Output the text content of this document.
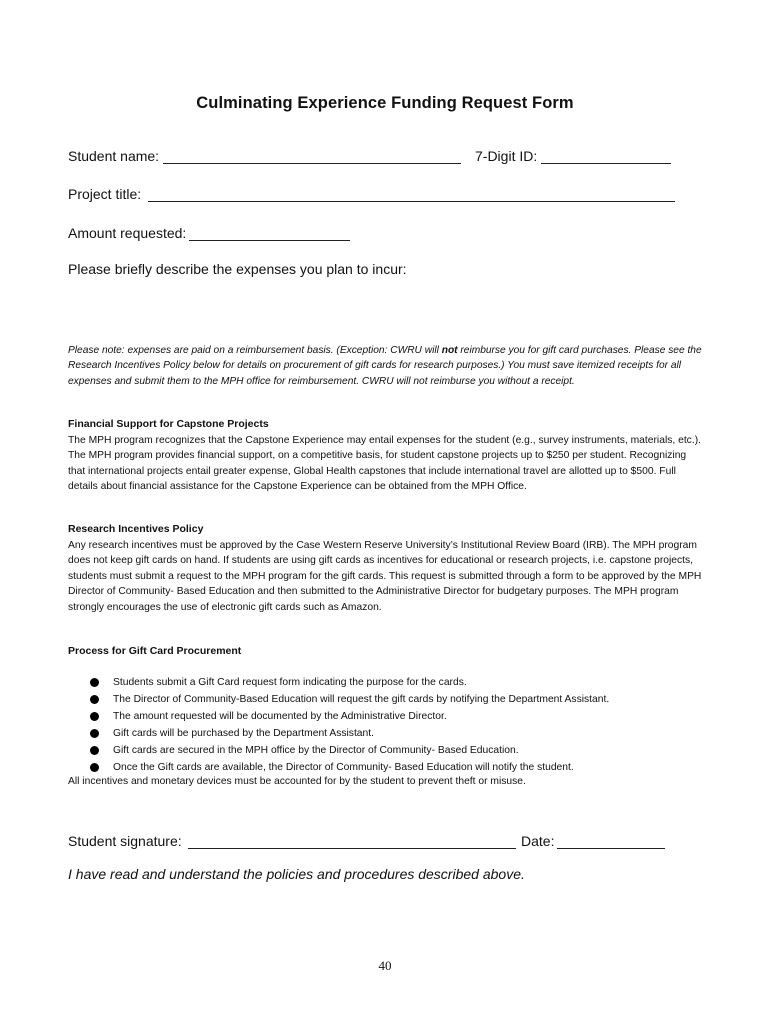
Culminating Experience Funding Request Form
Student name:	7-Digit ID:
Project title:
Amount requested:
Please briefly describe the expenses you plan to incur:
Please note: expenses are paid on a reimbursement basis. (Exception: CWRU will not reimburse you for gift card purchases. Please see the Research Incentives Policy below for details on procurement of gift cards for research purposes.) You must save itemized receipts for all expenses and submit them to the MPH office for reimbursement. CWRU will not reimburse you without a receipt.
Financial Support for Capstone Projects
The MPH program recognizes that the Capstone Experience may entail expenses for the student (e.g., survey instruments, materials, etc.). The MPH program provides financial support, on a competitive basis, for student capstone projects up to $250 per student. Recognizing that international projects entail greater expense, Global Health capstones that include international travel are allotted up to $500. Full details about financial assistance for the Capstone Experience can be obtained from the MPH Office.
Research Incentives Policy
Any research incentives must be approved by the Case Western Reserve University’s Institutional Review Board (IRB). The MPH program does not keep gift cards on hand. If students are using gift cards as incentives for educational or research projects, i.e. capstone projects, students must submit a request to the MPH program for the gift cards. This request is submitted through a form to be approved by the MPH Director of Community- Based Education and then submitted to the Administrative Director for budgetary purposes. The MPH program strongly encourages the use of electronic gift cards such as Amazon.
Process for Gift Card Procurement
Students submit a Gift Card request form indicating the purpose for the cards.
The Director of Community-Based Education will request the gift cards by notifying the Department Assistant.
The amount requested will be documented by the Administrative Director.
Gift cards will be purchased by the Department Assistant.
Gift cards are secured in the MPH office by the Director of Community- Based Education.
Once the Gift cards are available, the Director of Community- Based Education will notify the student.
All incentives and monetary devices must be accounted for by the student to prevent theft or misuse.
Student signature:	Date:
I have read and understand the policies and procedures described above.
40
